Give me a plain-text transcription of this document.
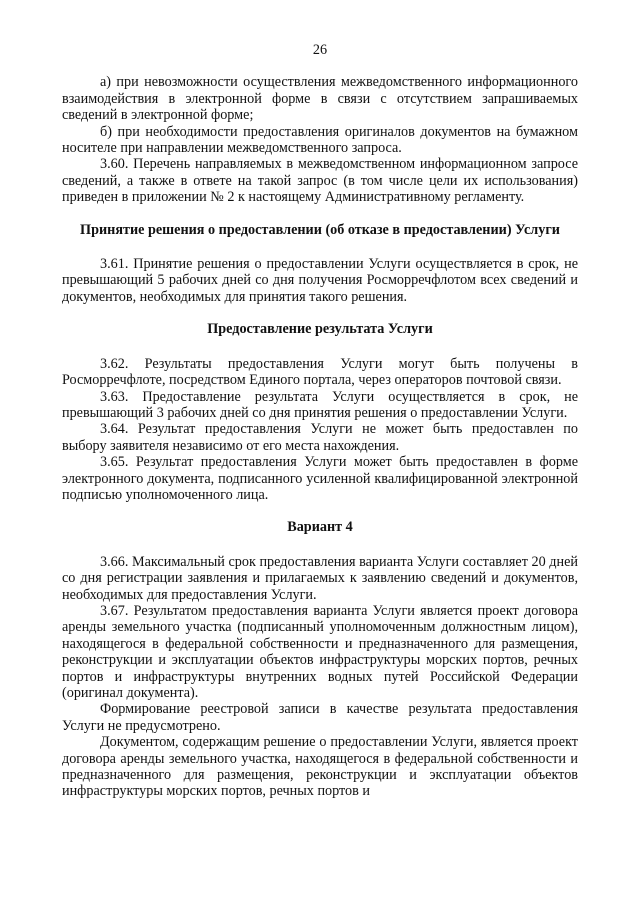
26

а) при невозможности осуществления межведомственного информационного взаимодействия в электронной форме в связи с отсутствием запрашиваемых сведений в электронной форме;

б) при необходимости предоставления оригиналов документов на бумажном носителе при направлении межведомственного запроса.

3.60. Перечень направляемых в межведомственном информационном запросе сведений, а также в ответе на такой запрос (в том числе цели их использования) приведен в приложении № 2 к настоящему Административному регламенту.

Принятие решения о предоставлении (об отказе в предоставлении) Услуги

3.61. Принятие решения о предоставлении Услуги осуществляется в срок, не превышающий 5 рабочих дней со дня получения Росморречфлотом всех сведений и документов, необходимых для принятия такого решения.

Предоставление результата Услуги

3.62. Результаты предоставления Услуги могут быть получены в Росморречфлоте, посредством Единого портала, через операторов почтовой связи.

3.63. Предоставление результата Услуги осуществляется в срок, не превышающий 3 рабочих дней со дня принятия решения о предоставлении Услуги.

3.64. Результат предоставления Услуги не может быть предоставлен по выбору заявителя независимо от его места нахождения.

3.65. Результат предоставления Услуги может быть предоставлен в форме электронного документа, подписанного усиленной квалифицированной электронной подписью уполномоченного лица.

Вариант 4

3.66. Максимальный срок предоставления варианта Услуги составляет 20 дней со дня регистрации заявления и прилагаемых к заявлению сведений и документов, необходимых для предоставления Услуги.

3.67. Результатом предоставления варианта Услуги является проект договора аренды земельного участка (подписанный уполномоченным должностным лицом), находящегося в федеральной собственности и предназначенного для размещения, реконструкции и эксплуатации объектов инфраструктуры морских портов, речных портов и инфраструктуры внутренних водных путей Российской Федерации (оригинал документа).

Формирование реестровой записи в качестве результата предоставления Услуги не предусмотрено.

Документом, содержащим решение о предоставлении Услуги, является проект договора аренды земельного участка, находящегося в федеральной собственности и предназначенного для размещения, реконструкции и эксплуатации объектов инфраструктуры морских портов, речных портов и
